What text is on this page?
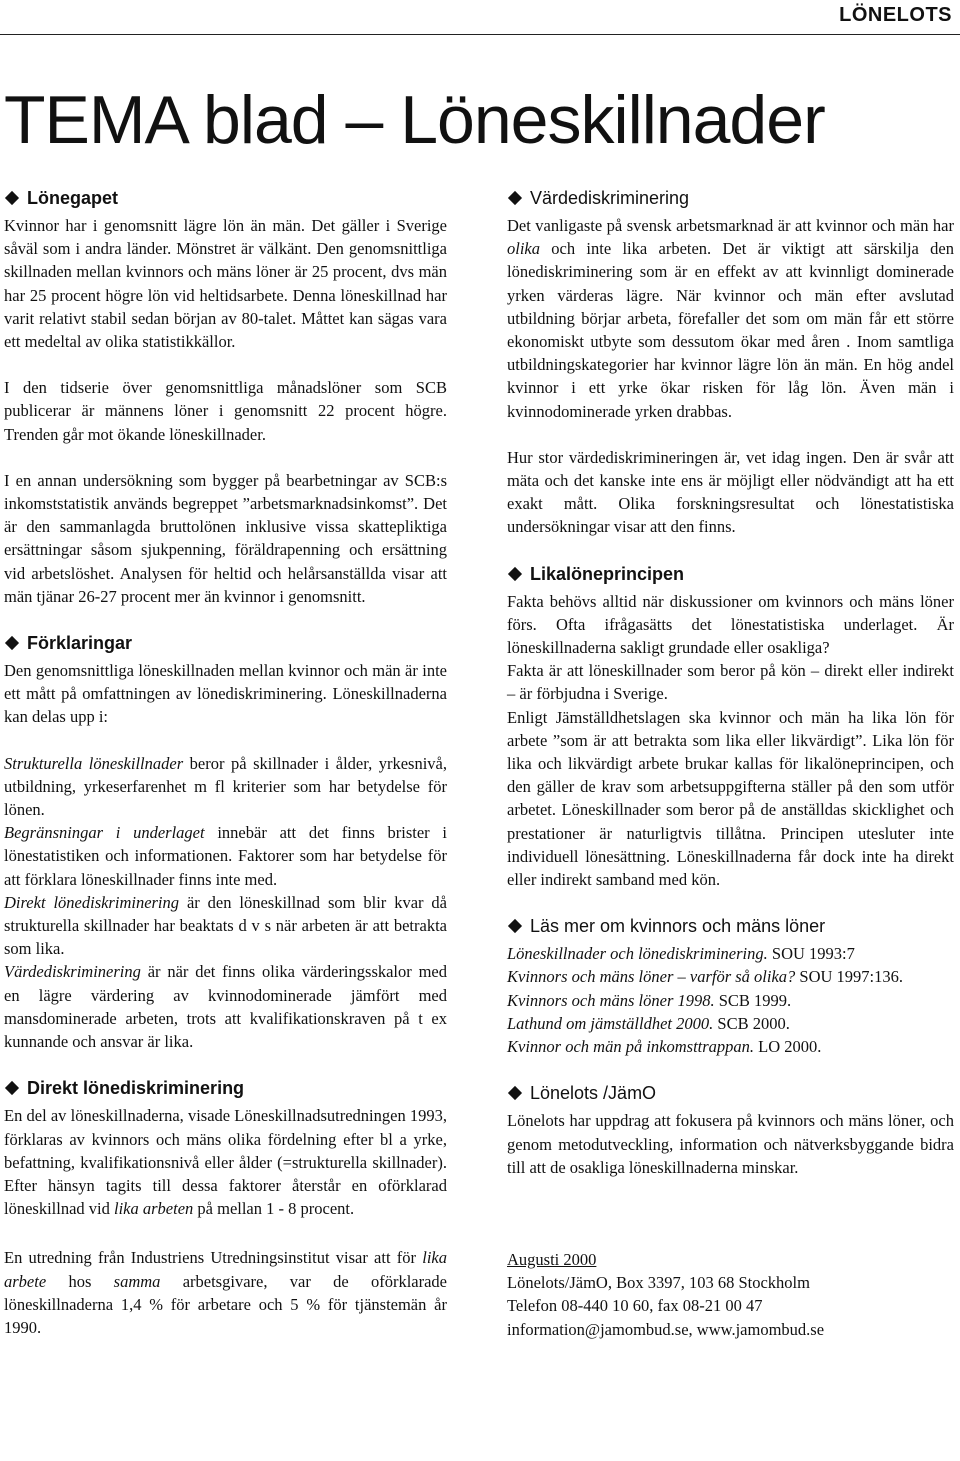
LÖNELOTS
TEMA blad – Löneskillnader
Lönegapet

Kvinnor har i genomsnitt lägre lön än män. Det gäller i Sverige såväl som i andra länder. Mönstret är välkänt. Den genomsnittliga skillnaden mellan kvinnors och mäns löner är 25 procent, dvs män har 25 procent högre lön vid heltidsarbete. Denna löneskillnad har varit relativt stabil sedan början av 80-talet. Måttet kan sägas vara ett medeltal av olika statistikkällor.

I den tidserie över genomsnittliga månadslöner som SCB publicerar är männens löner i genomsnitt 22 procent högre. Trenden går mot ökande löneskillnader.

I en annan undersökning som bygger på bearbetningar av SCB:s inkomststatistik används begreppet ”arbetsmarknadsinkomst”. Det är den sammanlagda bruttolönen inklusive vissa skattepliktiga ersättningar såsom sjukpenning, föräldrapenning och ersättning vid arbetslöshet. Analysen för heltid och helårsanställda visar att män tjänar 26-27 procent mer än kvinnor i genomsnitt.

Förklaringar

Den genomsnittliga löneskillnaden mellan kvinnor och män är inte ett mått på omfattningen av lönediskriminering. Löneskillnaderna kan delas upp i:

Strukturella löneskillnader beror på skillnader i ålder, yrkesnivå, utbildning, yrkeserfarenhet m fl kriterier som har betydelse för lönen.

Begränsningar i underlaget innebär att det finns brister i lönestatistiken och informationen. Faktorer som har betydelse för att förklara löneskillnader finns inte med.

Direkt lönediskriminering är den löneskillnad som blir kvar då strukturella skillnader har beaktats d v s när arbeten är att betrakta som lika.

Värdediskriminering är när det finns olika värderingsskalor med en lägre värdering av kvinnodominerade jämfört med mansdominerade arbeten, trots att kvalifikationskraven på t ex kunnande och ansvar är lika.

Direkt lönediskriminering

En del av löneskillnaderna, visade Löneskillnadsutredningen 1993, förklaras av kvinnors och mäns olika fördelning efter bl a yrke, befattning, kvalifikationsnivå eller ålder (=strukturella skillnader). Efter hänsyn tagits till dessa faktorer återstår en oförklarad löneskillnad vid lika arbeten på mellan 1 - 8 procent.

En utredning från Industriens Utredningsinstitut visar att för lika arbete hos samma arbetsgivare, var de oförklarade löneskillnaderna 1,4 % för arbetare och 5 % för tjänstemän år 1990.

Värdediskriminering

Det vanligaste på svensk arbetsmarknad är att kvinnor och män har olika och inte lika arbeten. Det är viktigt att särskilja den lönediskriminering som är en effekt av att kvinnligt dominerade yrken värderas lägre. När kvinnor och män efter avslutad utbildning börjar arbeta, förefaller det som om män får ett större ekonomiskt utbyte som dessutom ökar med åren . Inom samtliga utbildningskategorier har kvinnor lägre lön än män. En hög andel kvinnor i ett yrke ökar risken för låg lön. Även män i kvinnodominerade yrken drabbas.

Hur stor värdediskrimineringen är, vet idag ingen. Den är svår att mäta och det kanske inte ens är möjligt eller nödvändigt att ha ett exakt mått. Olika forskningsresultat och lönestatistiska undersökningar visar att den finns.

Likalöneprincipen

Fakta behövs alltid när diskussioner om kvinnors och mäns löner förs. Ofta ifrågasätts det lönestatistiska underlaget. Är löneskillnaderna sakligt grundade eller osakliga?

Fakta är att löneskillnader som beror på kön – direkt eller indirekt – är förbjudna i Sverige.

Enligt Jämställdhetslagen ska kvinnor och män ha lika lön för arbete ”som är att betrakta som lika eller likvärdigt”. Lika lön för lika och likvärdigt arbete brukar kallas för likalöneprincipen, och den gäller de krav som arbetsuppgifterna ställer på den som utför arbetet. Löneskillnader som beror på de anställdas skicklighet och prestationer är naturligtvis tillåtna. Principen utesluter inte individuell lönesättning. Löneskillnaderna får dock inte ha direkt eller indirekt samband med kön.

Läs mer om kvinnors och mäns löner

Löneskillnader och lönediskriminering. SOU 1993:7

Kvinnors och mäns löner – varför så olika? SOU 1997:136.

Kvinnors och mäns löner 1998. SCB 1999.

Lathund om jämställdhet 2000. SCB 2000.

Kvinnor och män på inkomsttrappan. LO 2000.

Lönelots /JämO

Lönelots har uppdrag att fokusera på kvinnors och mäns löner, och genom metodutveckling, information och nätverksbyggande bidra till att de osakliga löneskillnaderna minskar.

Augusti 2000

Lönelots/JämO, Box 3397, 103 68 Stockholm

Telefon 08-440 10 60, fax 08-21 00 47

information@jamombud.se, www.jamombud.se
